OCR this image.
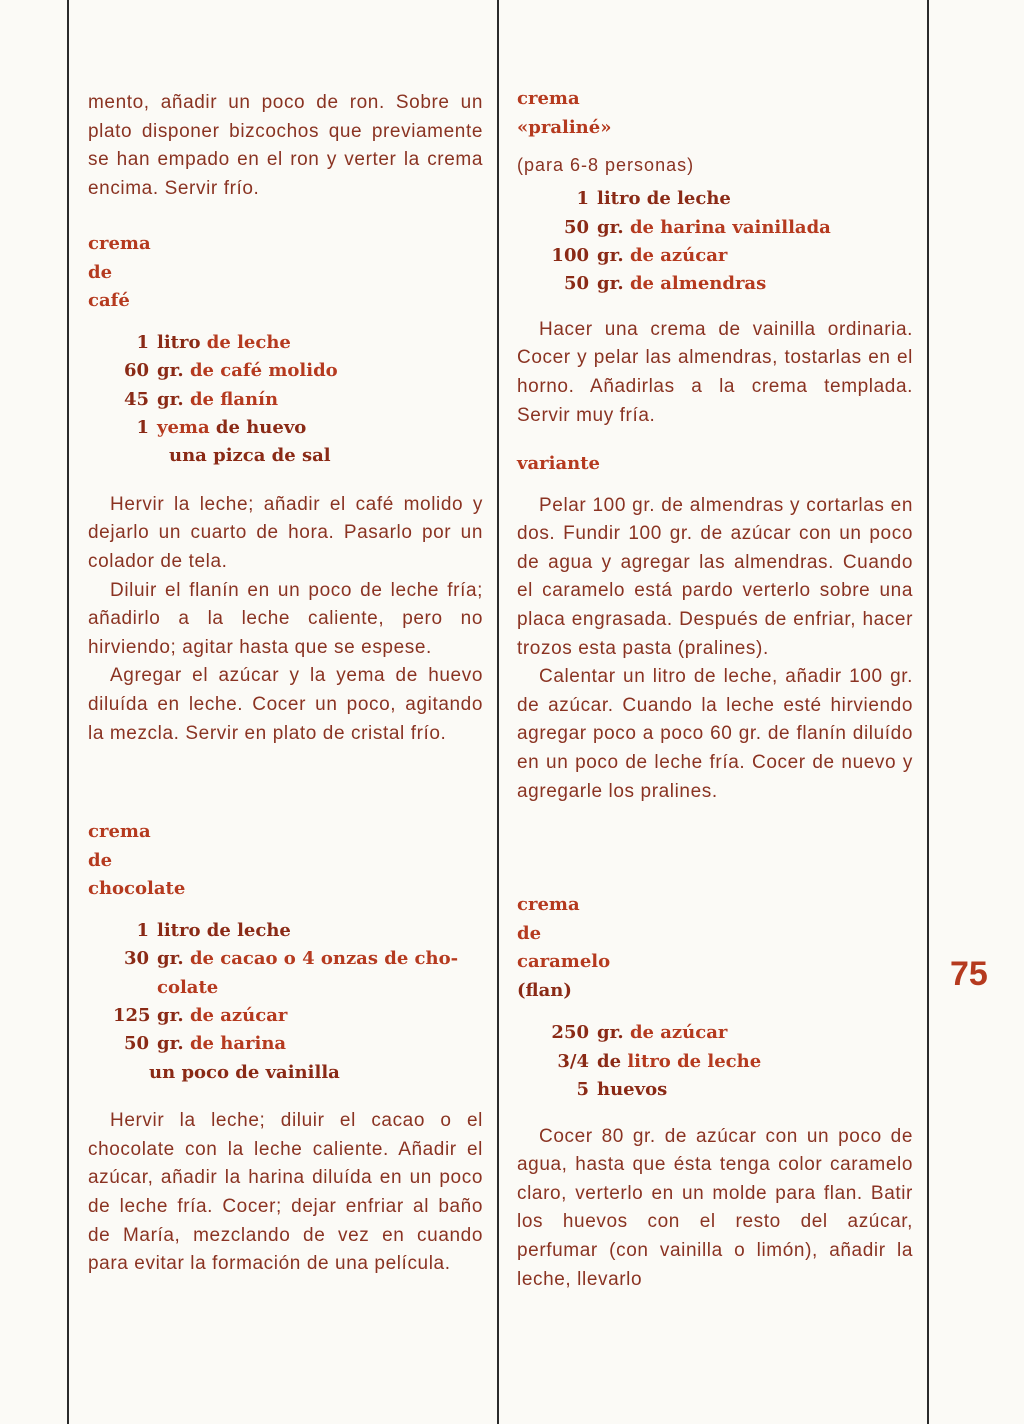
mento, añadir un poco de ron. Sobre un plato disponer bizcochos que previamente se han empado en el ron y verter la crema encima. Servir frío.

crema

de

café

1 litro de leche
60 gr. de café molido
45 gr. de flanín
1 yema de huevo
una
pizca de sal

Hervir la leche; añadir el café molido y dejarlo un cuarto de hora. Pasarlo por un colador de tela.

Diluir el flanín en un poco de leche fría; añadirlo a la leche caliente, pero no hirviendo; agitar hasta que se espese.

Agregar el azúcar y la yema de huevo diluída en leche. Cocer un poco, agitando la mezcla. Servir en plato de cristal frío.

crema

de

chocolate

1 litro de leche
30 gr. de cacao o 4 onzas de cho-
colate
125 gr. de azúcar
50 gr. de harina
un
poco de vainilla

Hervir la leche; diluir el cacao o el chocolate con la leche caliente. Añadir el azúcar, añadir la harina diluída en un poco de leche fría. Cocer; dejar enfriar al baño de María, mezclando de vez en cuando para evitar la formación de una película.

crema

«praliné»

(para 6-8 personas)

1 litro de leche
50 gr. de harina vainillada
100 gr. de azúcar
50 gr. de almendras

Hacer una crema de vainilla ordinaria. Cocer y pelar las almendras, tostarlas en el horno. Añadirlas a la crema templada. Servir muy fría.

variante

Pelar 100 gr. de almendras y cortarlas en dos. Fundir 100 gr. de azúcar con un poco de agua y agregar las almendras. Cuando el caramelo está pardo verterlo sobre una placa engrasada. Después de enfriar, hacer trozos esta pasta (pralines).

Calentar un litro de leche, añadir 100 gr. de azúcar. Cuando la leche esté hirviendo agregar poco a poco 60 gr. de flanín diluído en un poco de leche fría. Cocer de nuevo y agregarle los pralines.

crema

de

caramelo

(flan)

250 gr. de azúcar
3/4 de litro de leche
5 huevos

Cocer 80 gr. de azúcar con un poco de agua, hasta que ésta tenga color caramelo claro, verterlo en un molde para flan. Batir los huevos con el resto del azúcar, perfumar (con vainilla o limón), añadir la leche, llevarlo

75
